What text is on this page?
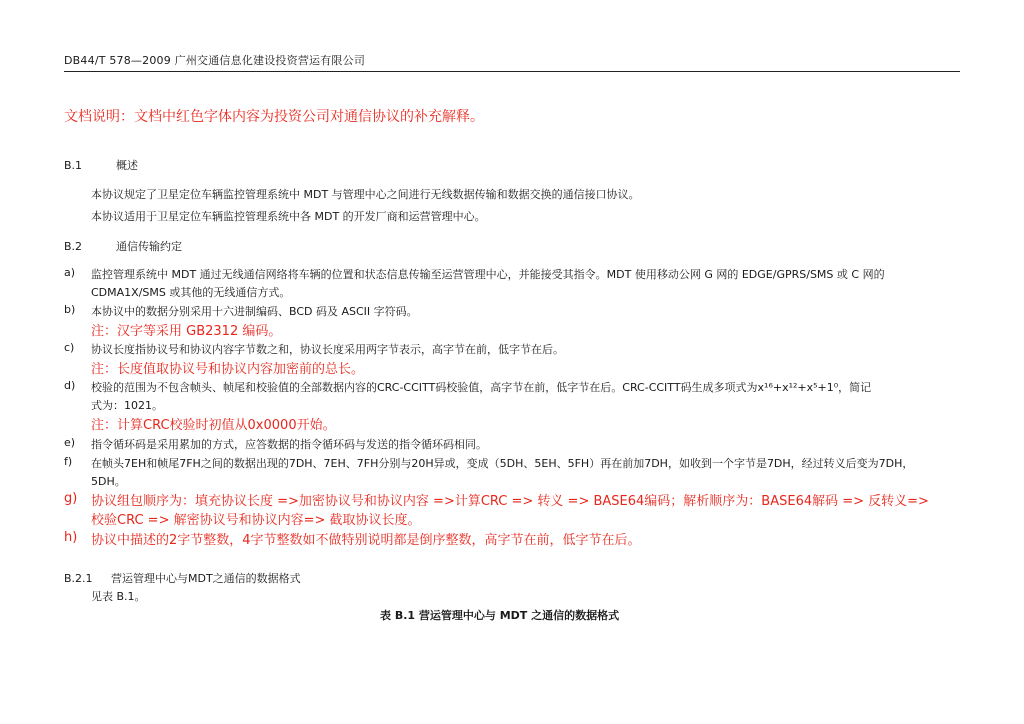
DB44/T 578—2009 广州交通信息化建设投资营运有限公司
文档说明：文档中红色字体内容为投资公司对通信协议的补充解释。
B.1	概述
本协议规定了卫星定位车辆监控管理系统中 MDT 与管理中心之间进行无线数据传输和数据交换的通信接口协议。
本协议适用于卫星定位车辆监控管理系统中各 MDT 的开发厂商和运营管理中心。
B.2	通信传输约定
a)	监控管理系统中 MDT 通过无线通信网络将车辆的位置和状态信息传输至运营管理中心，并能接受其指令。MDT 使用移动公网 G 网的 EDGE/GPRS/SMS 或 C 网的
CDMA1X/SMS 或其他的无线通信方式。
b)	本协议中的数据分别采用十六进制编码、BCD 码及 ASCII 字符码。
注：汉字等采用 GB2312 编码。
c)	协议长度指协议号和协议内容字节数之和，协议长度采用两字节表示，高字节在前，低字节在后。
注：长度值取协议号和协议内容加密前的总长。
d)	校验的范围为不包含帧头、帧尾和校验值的全部数据内容的CRC-CCITT码校验值，高字节在前，低字节在后。CRC-CCITT码生成多项式为x¹⁶+x¹²+x⁵+1⁰，简记
式为：1021。
注：计算CRC校验时初值从0x0000开始。
e)	指令循环码是采用累加的方式，应答数据的指令循环码与发送的指令循环码相同。
f)	在帧头7EH和帧尾7FH之间的数据出现的7DH、7EH、7FH分别与20H异或，变成（5DH、5EH、5FH）再在前加7DH，如收到一个字节是7DH，经过转义后变为7DH，
5DH。
g)	协议组包顺序为：填充协议长度 =>加密协议号和协议内容 =>计算CRC => 转义 => BASE64编码；解析顺序为：BASE64解码 => 反转义=>
校验CRC => 解密协议号和协议内容=> 截取协议长度。
h)	协议中描述的2字节整数，4字节整数如不做特别说明都是倒序整数，高字节在前，低字节在后。
B.2.1 营运管理中心与MDT之通信的数据格式
见表 B.1。
表 B.1 营运管理中心与 MDT 之通信的数据格式
